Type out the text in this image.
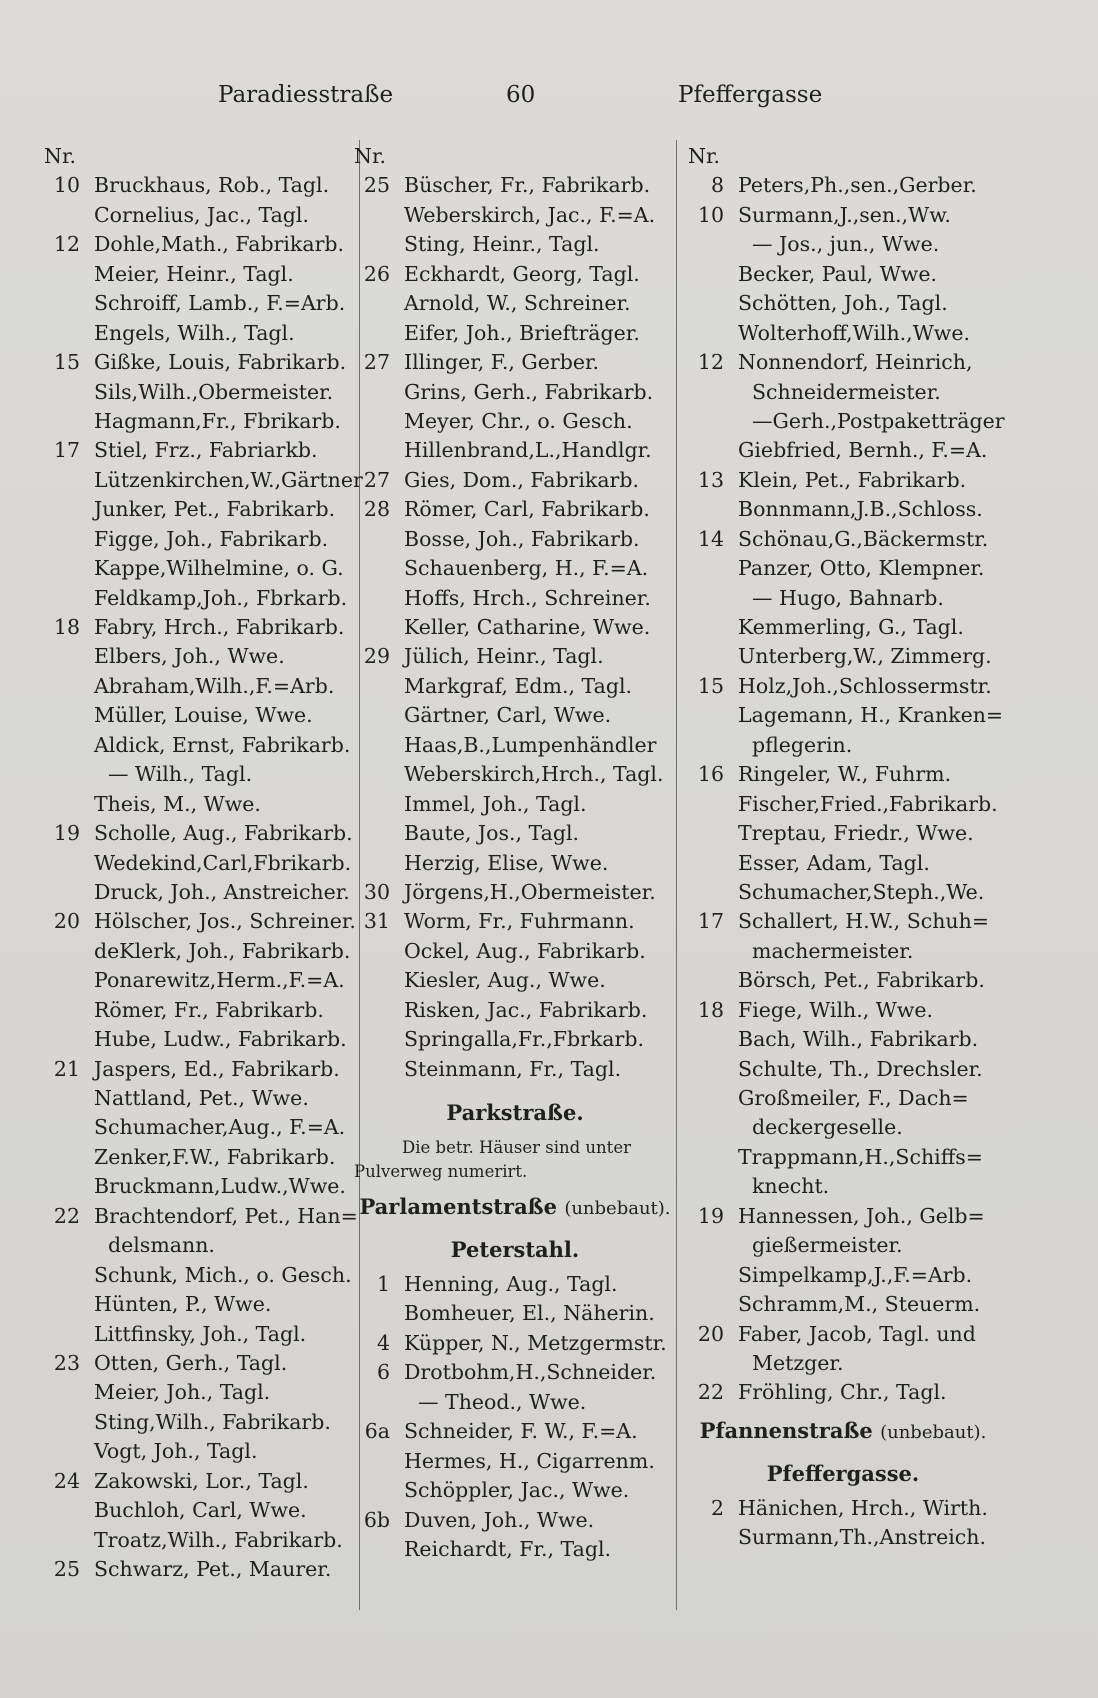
Paradiesstraße	60	Pfeffergasse
Nr.
10 Bruckhaus, Rob., Tagl.
Cornelius, Jac., Tagl.
12 Dohle,Math., Fabrikarb.
Meier, Heinr., Tagl.
Schroiff, Lamb., F.=Arb.
Engels, Wilh., Tagl.
15 Gißke, Louis, Fabrikarb.
Sils,Wilh.,Obermeister.
Hagmann,Fr., Fbrikarb.
17 Stiel, Frz., Fabriarkb.
Lützenkirchen,W.,Gärtner
Junker, Pet., Fabrikarb.
Figge, Joh., Fabrikarb.
Kappe,Wilhelmine, o. G.
Feldkamp,Joh., Fbrkarb.
18 Fabry, Hrch., Fabrikarb.
Elbers, Joh., Wwe.
Abraham,Wilh.,F.=Arb.
Müller, Louise, Wwe.
Aldick, Ernst, Fabrikarb.
— Wilh., Tagl.
Theis, M., Wwe.
19 Scholle, Aug., Fabrikarb.
Wedekind,Carl,Fbrikarb.
Druck, Joh., Anstreicher.
20 Hölscher, Jos., Schreiner.
deKlerk, Joh., Fabrikarb.
Ponarewitz,Herm.,F.=A.
Römer, Fr., Fabrikarb.
Hube, Ludw., Fabrikarb.
21 Jaspers, Ed., Fabrikarb.
Nattland, Pet., Wwe.
Schumacher,Aug., F.=A.
Zenker,F.W., Fabrikarb.
Bruckmann,Ludw.,Wwe.
22 Brachtendorf, Pet., Han=
delsmann.
Schunk, Mich., o. Gesch.
Hünten, P., Wwe.
Littfinsky, Joh., Tagl.
23 Otten, Gerh., Tagl.
Meier, Joh., Tagl.
Sting,Wilh., Fabrikarb.
Vogt, Joh., Tagl.
24 Zakowski, Lor., Tagl.
Buchloh, Carl, Wwe.
Troatz,Wilh., Fabrikarb.
25 Schwarz, Pet., Maurer.
Nr.
25 Büscher, Fr., Fabrikarb.
Weberskirch, Jac., F.=A.
Sting, Heinr., Tagl.
26 Eckhardt, Georg, Tagl.
Arnold, W., Schreiner.
Eifer, Joh., Briefträger.
27 Illinger, F., Gerber.
Grins, Gerh., Fabrikarb.
Meyer, Chr., o. Gesch.
Hillenbrand,L.,Handlgr.
27 Gies, Dom., Fabrikarb.
28 Römer, Carl, Fabrikarb.
Bosse, Joh., Fabrikarb.
Schauenberg, H., F.=A.
Hoffs, Hrch., Schreiner.
Keller, Catharine, Wwe.
29 Jülich, Heinr., Tagl.
Markgraf, Edm., Tagl.
Gärtner, Carl, Wwe.
Haas,B.,Lumpenhändler
Weberskirch,Hrch., Tagl.
Immel, Joh., Tagl.
Baute, Jos., Tagl.
Herzig, Elise, Wwe.
30 Jörgens,H.,Obermeister.
31 Worm, Fr., Fuhrmann.
Ockel, Aug., Fabrikarb.
Kiesler, Aug., Wwe.
Risken, Jac., Fabrikarb.
Springalla,Fr.,Fbrkarb.
Steinmann, Fr., Tagl.
Parkstraße.
Die betr. Häuser sind unter
Pulverweg numerirt.
Parlamentstraße (unbebaut).
Peterstahl.
1 Henning, Aug., Tagl.
Bomheuer, El., Näherin.
4 Küpper, N., Metzgermstr.
6 Drotbohm,H.,Schneider.
— Theod., Wwe.
6a Schneider, F. W., F.=A.
Hermes, H., Cigarrenm.
Schöppler, Jac., Wwe.
6b Duven, Joh., Wwe.
Reichardt, Fr., Tagl.
Nr.
8 Peters,Ph.,sen.,Gerber.
10 Surmann,J.,sen.,Ww.
— Jos., jun., Wwe.
Becker, Paul, Wwe.
Schötten, Joh., Tagl.
Wolterhoff,Wilh.,Wwe.
12 Nonnendorf, Heinrich,
Schneidermeister.
—Gerh.,Postpaketträger
Giebfried, Bernh., F.=A.
13 Klein, Pet., Fabrikarb.
Bonnmann,J.B.,Schloss.
14 Schönau,G.,Bäckermstr.
Panzer, Otto, Klempner.
— Hugo, Bahnarb.
Kemmerling, G., Tagl.
Unterberg,W., Zimmerg.
15 Holz,Joh.,Schlossermstr.
Lagemann, H., Kranken=
pflegerin.
16 Ringeler, W., Fuhrm.
Fischer,Fried.,Fabrikarb.
Treptau, Friedr., Wwe.
Esser, Adam, Tagl.
Schumacher,Steph.,We.
17 Schallert, H.W., Schuh=
machermeister.
Börsch, Pet., Fabrikarb.
18 Fiege, Wilh., Wwe.
Bach, Wilh., Fabrikarb.
Schulte, Th., Drechsler.
Großmeiler, F., Dach=
deckergeselle.
Trappmann,H.,Schiffs=
knecht.
19 Hannessen, Joh., Gelb=
gießermeister.
Simpelkamp,J.,F.=Arb.
Schramm,M., Steuerm.
20 Faber, Jacob, Tagl. und
Metzger.
22 Fröhling, Chr., Tagl.
Pfannenstraße (unbebaut).
Pfeffergasse.
2 Hänichen, Hrch., Wirth.
Surmann,Th.,Anstreich.
